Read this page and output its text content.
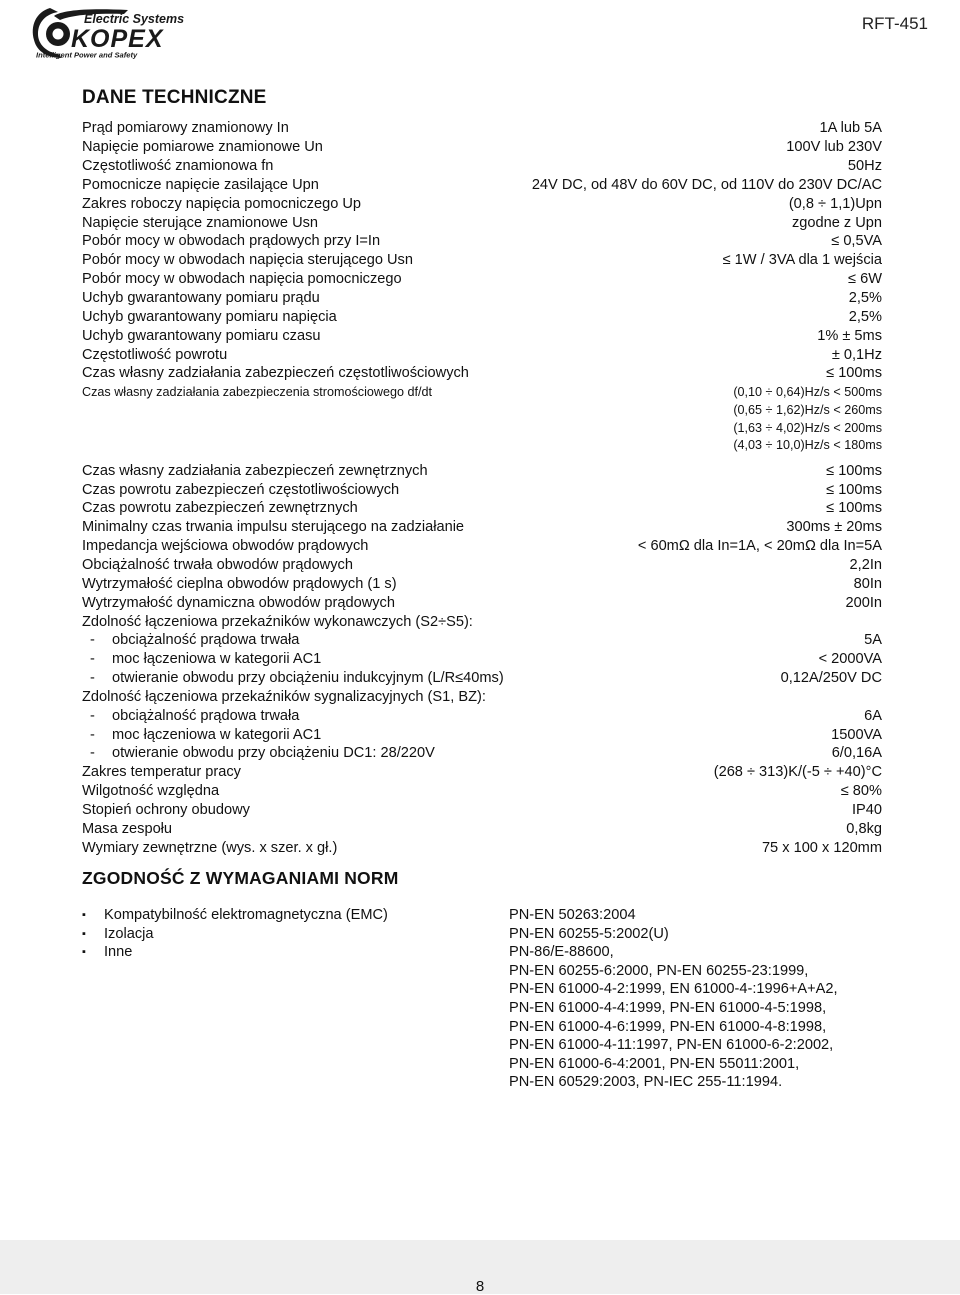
Electric Systems
KOPEX
Intelligent Power and Safety
RFT-451
DANE TECHNICZNE
Prąd pomiarowy znamionowy In	1A lub 5A
Napięcie pomiarowe znamionowe Un	100V lub 230V
Częstotliwość znamionowa fn	50Hz
Pomocnicze napięcie zasilające Upn	24V DC, od 48V do 60V DC, od 110V do 230V DC/AC
Zakres roboczy napięcia pomocniczego Up	(0,8 ÷ 1,1)Upn
Napięcie sterujące znamionowe Usn	zgodne z Upn
Pobór mocy w obwodach prądowych przy I=In	≤ 0,5VA
Pobór mocy w obwodach napięcia sterującego Usn	≤ 1W / 3VA dla 1 wejścia
Pobór mocy w obwodach napięcia pomocniczego	≤ 6W
Uchyb gwarantowany pomiaru prądu	2,5%
Uchyb gwarantowany pomiaru napięcia	2,5%
Uchyb gwarantowany pomiaru czasu	1% ± 5ms
Częstotliwość powrotu	± 0,1Hz
Czas własny zadziałania zabezpieczeń częstotliwościowych	≤ 100ms
Czas własny zadziałania zabezpieczenia stromościowego df/dt	(0,10 ÷ 0,64)Hz/s < 500ms
(0,65 ÷ 1,62)Hz/s < 260ms
(1,63 ÷ 4,02)Hz/s < 200ms
(4,03 ÷ 10,0)Hz/s < 180ms
Czas własny zadziałania zabezpieczeń zewnętrznych	≤ 100ms
Czas powrotu zabezpieczeń częstotliwościowych	≤ 100ms
Czas powrotu zabezpieczeń zewnętrznych	≤ 100ms
Minimalny czas trwania impulsu sterującego na zadziałanie	300ms ± 20ms
Impedancja wejściowa obwodów prądowych	< 60mΩ dla In=1A, < 20mΩ dla In=5A
Obciążalność trwała obwodów prądowych	2,2In
Wytrzymałość cieplna obwodów prądowych (1 s)	80In
Wytrzymałość dynamiczna obwodów prądowych	200In
Zdolność łączeniowa przekaźników wykonawczych (S2÷S5):
- obciążalność prądowa trwała	5A
- moc łączeniowa w kategorii AC1	< 2000VA
- otwieranie obwodu przy obciążeniu indukcyjnym (L/R≤40ms)	0,12A/250V DC
Zdolność łączeniowa przekaźników sygnalizacyjnych (S1, BZ):
- obciążalność prądowa trwała	6A
- moc łączeniowa w kategorii AC1	1500VA
- otwieranie obwodu przy obciążeniu DC1: 28/220V	6/0,16A
Zakres temperatur pracy	(268 ÷ 313)K/(-5 ÷ +40)°C
Wilgotność względna	≤ 80%
Stopień ochrony obudowy	IP40
Masa zespołu	0,8kg
Wymiary zewnętrzne (wys. x szer. x gł.)	75 x 100 x 120mm
ZGODNOŚĆ Z WYMAGANIAMI NORM
▪	Kompatybilność elektromagnetyczna (EMC)	PN-EN 50263:2004
▪	Izolacja	PN-EN 60255-5:2002(U)
▪	Inne	PN-86/E-88600,
PN-EN 60255-6:2000, PN-EN 60255-23:1999,
PN-EN 61000-4-2:1999, EN 61000-4-:1996+A+A2,
PN-EN 61000-4-4:1999, PN-EN 61000-4-5:1998,
PN-EN 61000-4-6:1999, PN-EN 61000-4-8:1998,
PN-EN 61000-4-11:1997, PN-EN 61000-6-2:2002,
PN-EN 61000-6-4:2001, PN-EN 55011:2001,
PN-EN 60529:2003, PN-IEC 255-11:1994.
8
